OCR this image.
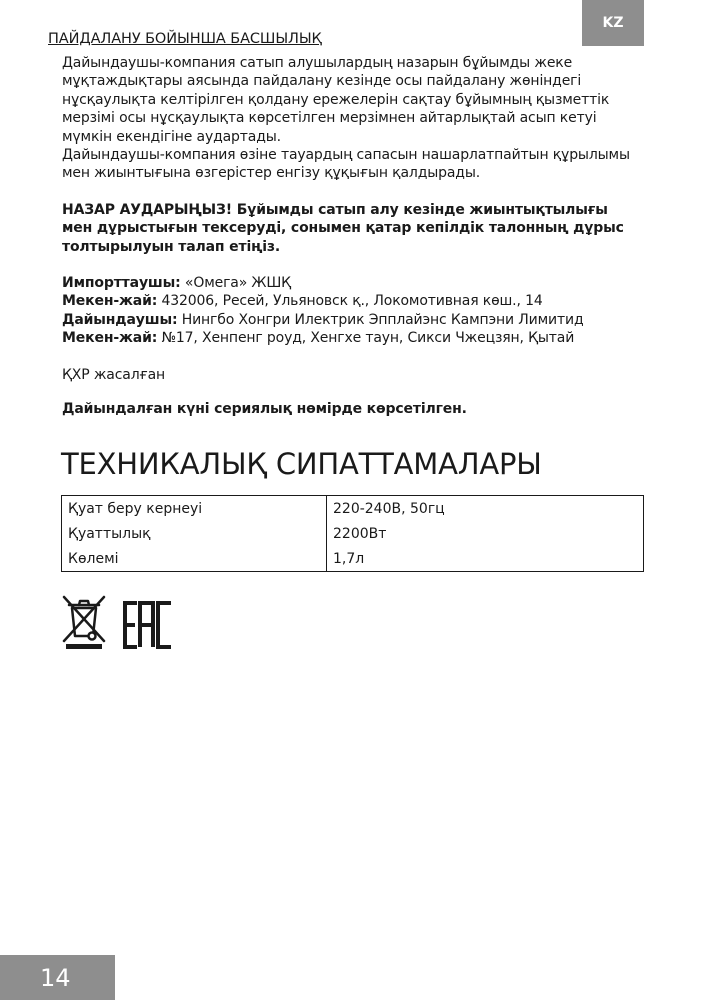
KZ
ПАЙДАЛАНУ БОЙЫНША БАСШЫЛЫҚ

Дайындаушы-компания сатып алушылардың назарын бұйымды жеке

мұқтаждықтары аясында пайдалану кезінде осы пайдалану жөніндегі

нұсқаулықта келтірілген қолдану ережелерін сақтау бұйымның қызметтік

мерзімі осы нұсқаулықта көрсетілген мерзімнен айтарлықтай асып кетуі

мүмкін екендігіне аудартады.

Дайындаушы-компания өзіне тауардың сапасын нашарлатпайтын құрылымы

мен жиынтығына өзгерістер енгізу құқығын қалдырады.

НАЗАР АУДАРЫҢЫЗ! Бұйымды сатып алу кезінде жиынтықтылығы

мен дұрыстығын тексеруді, сонымен қатар кепілдік талонның дұрыс

толтырылуын талап етіңіз.

Импорттаушы: «Омега» ЖШҚ

Мекен-жай: 432006, Ресей, Ульяновск қ., Локомотивная көш., 14

Дайындаушы: Нингбо Хонгри Илектрик Эпплайэнс Кампэни Лимитид

Мекен-жай: №17, Хенпенг роуд, Хенгхе таун, Сикси Чжецзян, Қытай

ҚХР жасалған

Дайындалған күні сериялық нөмірде көрсетілген.

ТЕХНИКАЛЫҚ СИПАТТАМАЛАРЫ
Қуат беру кернеуі	220-240В, 50гц
Қуаттылық	2200Вт
Көлемі	1,7л
14
